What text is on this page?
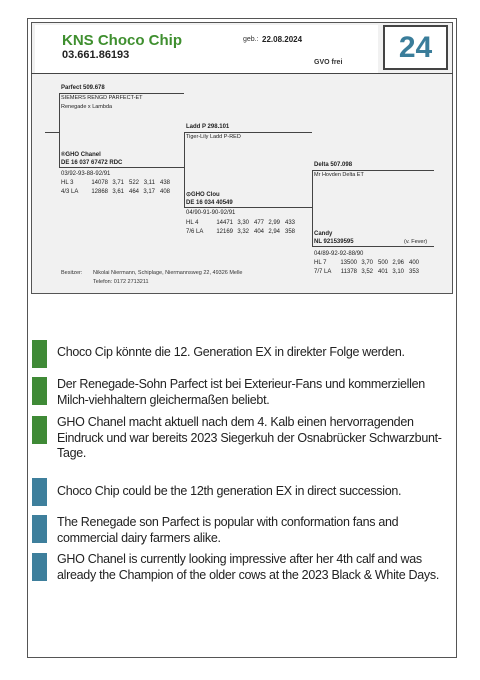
KNS Choco Chip
03.661.86193
geb.: 22.08.2024
GVO frei	24
Parfect 509.678
SIEMERS RENGD PARFECT-ET
Renegade x Lambda
®GHO Chanel
DE 16 037 67472 RDC
03/92-93-88-92/91
HL 3	14078 3,71 522 3,11 438
4/3 LA 12868 3,61 464 3,17 408
Ladd P 298.101
Tiger-Lily Ladd P-RED
⊙GHO Clou
DE 16 034 40549
04/90-91-90-92/91
HL 4	14471 3,30 477 2,99 433
7/6 LA 12169 3,32 404 2,94 358
Delta 507.098
Mr Hovden Delta ET
Candy
NL 921539595	(v. Fever)
04/89-92-92-88/90
HL 7 13500 3,70 500 2,96 400
7/7 LA 11378 3,52 401 3,10 353
Besitzer: Nikolai Niermann, Schiplage, Niermannsweg 22, 49326 Melle
Telefon: 0172 2713211
Choco Cip könnte die 12. Generation EX in direkter Folge werden.
Der Renegade-Sohn Parfect ist bei Exterieur-Fans und kommerziellen Milch-viehhaltern gleichermaßen beliebt.
GHO Chanel macht aktuell nach dem 4. Kalb einen hervorragenden Eindruck und war bereits 2023 Siegerkuh der Osnabrücker Schwarzbunt-Tage.
Choco Chip could be the 12th generation EX in direct succession.
The Renegade son Parfect is popular with conformation fans and commercial dairy farmers alike.
GHO Chanel is currently looking impressive after her 4th calf and was already the Champion of the older cows at the 2023 Black & White Days.
